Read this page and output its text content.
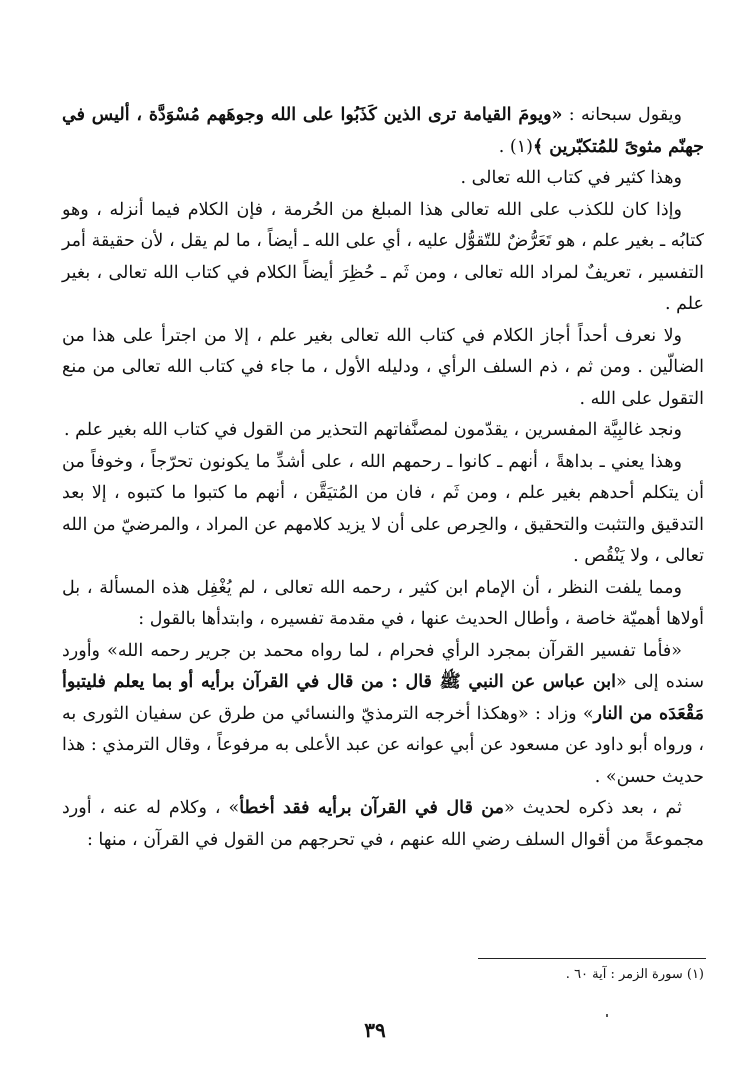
ويقول سبحانه : «ويومَ القيامة ترى الذين كَذَبُوا على الله وجوهَهم مُسْوَدَّة ، أليس في جهنّم مثوىً للمُتكبّرين ﴾(١) .

وهذا كثير في كتاب الله تعالى .

وإذا كان للكذب على الله تعالى هذا المبلغ من الحُرمة ، فإن الكلام فيما أنزله ، وهو كتابُه ـ بغير علم ، هو تَعَرُّضٌ للتّقوُّل عليه ، أي على الله ـ أيضاً ، ما لم يقل ، لأن حقيقة أمر التفسير ، تعريفٌ لمراد الله تعالى ، ومن ثَم ـ حُظِرَ أيضاً الكلام في كتاب الله تعالى ، بغير علم .

ولا نعرف أحداً أجاز الكلام في كتاب الله تعالى بغير علم ، إلا من اجترأ على هذا من الضالّين . ومن ثم ، ذم السلف الرأي ، ودليله الأول ، ما جاء في كتاب الله تعالى من منع التقول على الله .

ونجد غالبِيَّة المفسرين ، يقدّمون لمصنَّفاتهم التحذير من القول في كتاب الله بغير علم .

وهذا يعني ـ بداهةً ، أنهم ـ كانوا ـ رحمهم الله ، على أشدِّ ما يكونون تحرّجاً ، وخوفاً من أن يتكلم أحدهم بغير علم ، ومن ثَم ، فان من المُتيَقَّن ، أنهم ما كتبوا ما كتبوه ، إلا بعد التدقيق والتثبت والتحقيق ، والحِرص على أن لا يزيد كلامهم عن المراد ، والمرضيّ من الله تعالى ، ولا يَنْقُص .

ومما يلفت النظر ، أن الإمام ابن كثير ، رحمه الله تعالى ، لم يُغْفِل هذه المسألة ، بل أولاها أهميّة خاصة ، وأطال الحديث عنها ، في مقدمة تفسيره ، وابتدأها بالقول :

«فأما تفسير القرآن بمجرد الرأي فحرام ، لما رواه محمد بن جرير رحمه الله» وأورد سنده إلى «ابن عباس عن النبي ﷺ قال : من قال في القرآن برأيه أو بما يعلم فليتبوأ مَقْعَدَه من النار» وزاد : «وهكذا أخرجه الترمذيّ والنسائي من طرق عن سفيان الثورى به ، ورواه أبو داود عن مسعود عن أبي عوانه عن عبد الأعلى به مرفوعاً ، وقال الترمذي : هذا حديث حسن» .

ثم ، بعد ذكره لحديث «من قال في القرآن برأيه فقد أخطأ» ، وكلام له عنه ، أورد مجموعةً من أقوال السلف رضي الله عنهم ، في تحرجهم من القول في القرآن ، منها :

(١) سورة الزمر : آية ٦٠ .
٣٩
